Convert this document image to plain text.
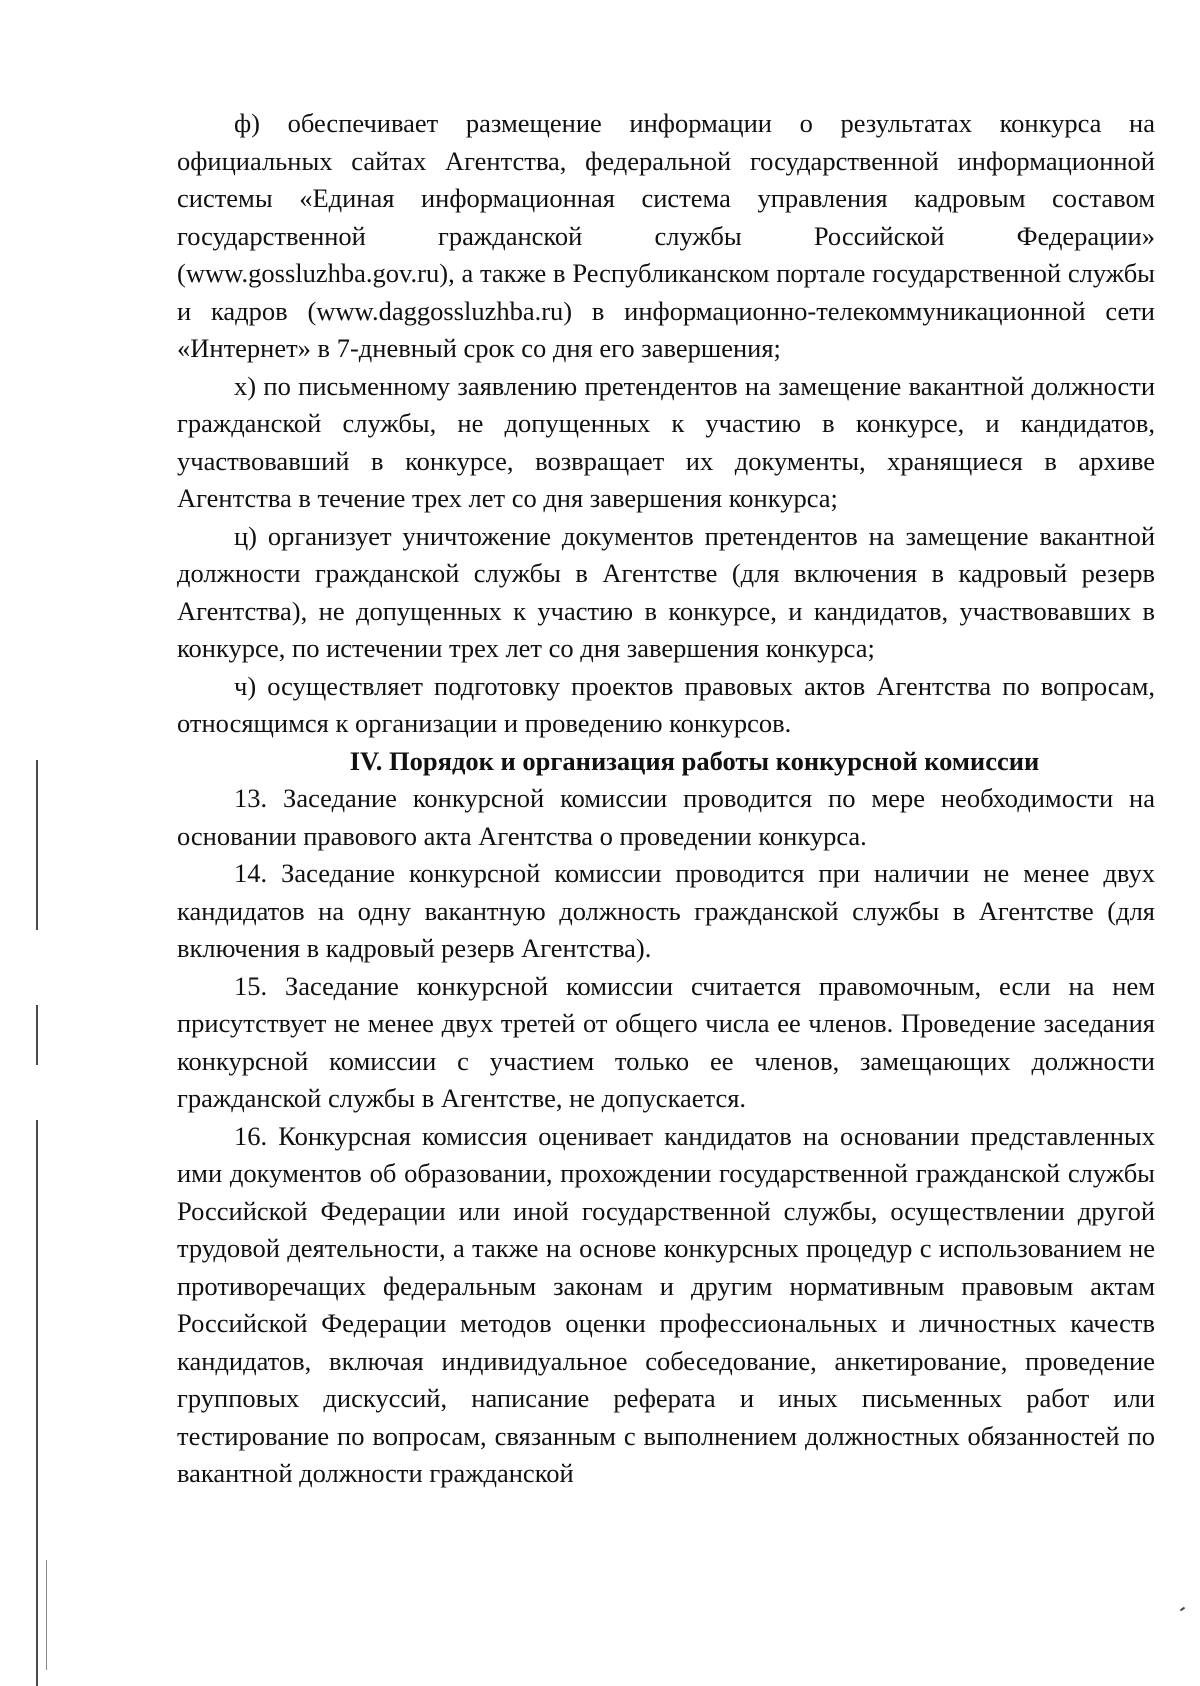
ф) обеспечивает размещение информации о результатах конкурса на официальных сайтах Агентства, федеральной государственной информационной системы «Единая информационная система управления кадровым составом государственной гражданской службы Российской Федерации» (www.gossluzhba.gov.ru), а также в Республиканском портале государственной службы и кадров (www.daggossluzhba.ru) в информационно-телекоммуникационной сети «Интернет» в 7-дневный срок со дня его завершения;

х) по письменному заявлению претендентов на замещение вакантной должности гражданской службы, не допущенных к участию в конкурсе, и кандидатов, участвовавший в конкурсе, возвращает их документы, хранящиеся в архиве Агентства в течение трех лет со дня завершения конкурса;

ц) организует уничтожение документов претендентов на замещение вакантной должности гражданской службы в Агентстве (для включения в кадровый резерв Агентства), не допущенных к участию в конкурсе, и кандидатов, участвовавших в конкурсе, по истечении трех лет со дня завершения конкурса;

ч) осуществляет подготовку проектов правовых актов Агентства по вопросам, относящимся к организации и проведению конкурсов.

IV. Порядок и организация работы конкурсной комиссии

13. Заседание конкурсной комиссии проводится по мере необходимости на основании правового акта Агентства о проведении конкурса.

14. Заседание конкурсной комиссии проводится при наличии не менее двух кандидатов на одну вакантную должность гражданской службы в Агентстве (для включения в кадровый резерв Агентства).

15. Заседание конкурсной комиссии считается правомочным, если на нем присутствует не менее двух третей от общего числа ее членов. Проведение заседания конкурсной комиссии с участием только ее членов, замещающих должности гражданской службы в Агентстве, не допускается.

16. Конкурсная комиссия оценивает кандидатов на основании представленных ими документов об образовании, прохождении государственной гражданской службы Российской Федерации или иной государственной службы, осуществлении другой трудовой деятельности, а также на основе конкурсных процедур с использованием не противоречащих федеральным законам и другим нормативным правовым актам Российской Федерации методов оценки профессиональных и личностных качеств кандидатов, включая индивидуальное собеседование, анкетирование, проведение групповых дискуссий, написание реферата и иных письменных работ или тестирование по вопросам, связанным с выполнением должностных обязанностей по вакантной должности гражданской
